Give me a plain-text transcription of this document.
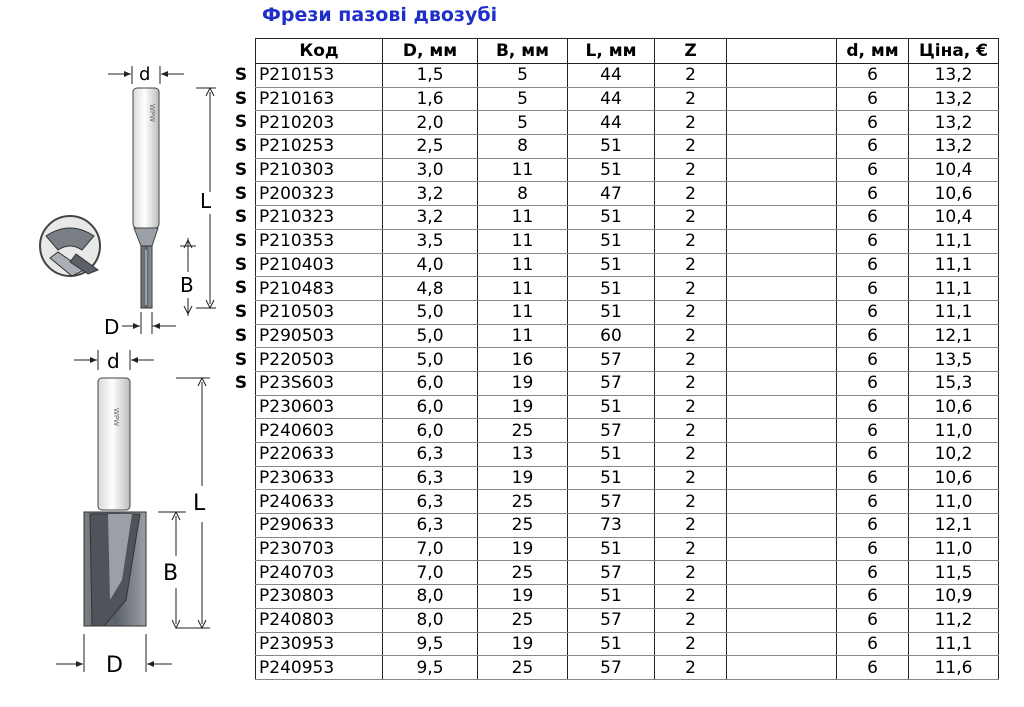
Фрези пазові двозубі
WPW
d
L
B
D
WPW
d
L
B
D
S
S
S
S
S
S
S
S
S
S
S
S
S
S
Код	D, мм	B, мм	L, мм	Z		d, мм	Ціна, €
P210153	1,5	5	44	2		6	13,2
P210163	1,6	5	44	2		6	13,2
P210203	2,0	5	44	2		6	13,2
P210253	2,5	8	51	2		6	13,2
P210303	3,0	11	51	2		6	10,4
P200323	3,2	8	47	2		6	10,6
P210323	3,2	11	51	2		6	10,4
P210353	3,5	11	51	2		6	11,1
P210403	4,0	11	51	2		6	11,1
P210483	4,8	11	51	2		6	11,1
P210503	5,0	11	51	2		6	11,1
P290503	5,0	11	60	2		6	12,1
P220503	5,0	16	57	2		6	13,5
P23S603	6,0	19	57	2		6	15,3
P230603	6,0	19	51	2		6	10,6
P240603	6,0	25	57	2		6	11,0
P220633	6,3	13	51	2		6	10,2
P230633	6,3	19	51	2		6	10,6
P240633	6,3	25	57	2		6	11,0
P290633	6,3	25	73	2		6	12,1
P230703	7,0	19	51	2		6	11,0
P240703	7,0	25	57	2		6	11,5
P230803	8,0	19	51	2		6	10,9
P240803	8,0	25	57	2		6	11,2
P230953	9,5	19	51	2		6	11,1
P240953	9,5	25	57	2		6	11,6
